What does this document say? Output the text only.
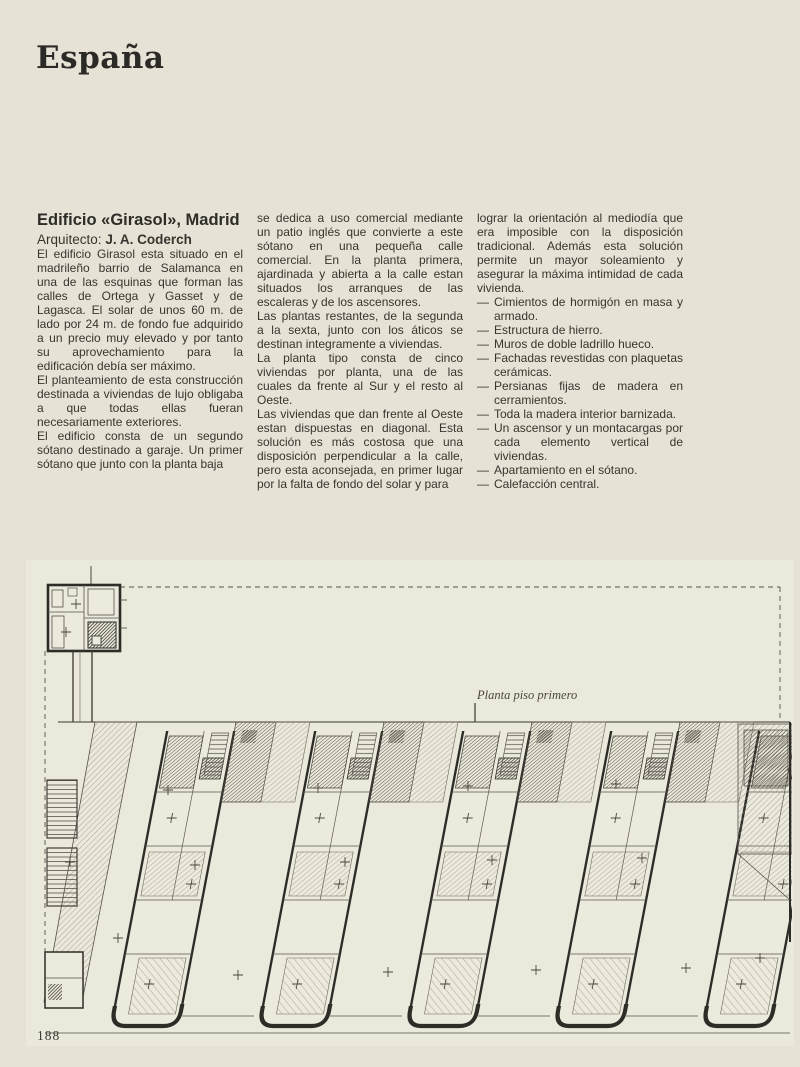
España
Edificio «Girasol», Madrid

Arquitecto: J. A. Coderch

El edificio Girasol esta situado en el madrileño barrio de Salamanca en una de las esquinas que forman las calles de Ortega y Gasset y de Lagasca. El solar de unos 60 m. de lado por 24 m. de fondo fue adquirido a un precio muy elevado y por tanto su aprovechamiento para la edificación debía ser máximo.

El planteamiento de esta construcción destinada a viviendas de lujo obligaba a que todas ellas fueran necesariamente exteriores.

El edificio consta de un segundo sótano destinado a garaje. Un primer sótano que junto con la planta baja

se dedica a uso comercial mediante un patio inglés que convierte a este sótano en una pequeña calle comercial. En la planta primera, ajardinada y abierta a la calle estan situados los arranques de las escaleras y de los ascensores.

Las plantas restantes, de la segunda a la sexta, junto con los áticos se destinan integramente a viviendas.

La planta tipo consta de cinco viviendas por planta, una de las cuales da frente al Sur y el resto al Oeste.

Las viviendas que dan frente al Oeste estan dispuestas en diagonal. Esta solución es más costosa que una disposición perpendicular a la calle, pero esta aconsejada, en primer lugar por la falta de fondo del solar y para

lograr la orientación al mediodía que era imposible con la disposición tradicional. Además esta solución permite un mayor soleamiento y asegurar la máxima intimidad de cada vivienda.

— Cimientos de hormigón en masa y armado.
— Estructura de hierro.
— Muros de doble ladrillo hueco.
— Fachadas revestidas con plaquetas cerámicas.
— Persianas fijas de madera en cerramientos.
— Toda la madera interior barnizada.
— Un ascensor y un montacargas por cada elemento vertical de viviendas.
— Apartamiento en el sótano.
— Calefacción central.
Planta piso primero
188
